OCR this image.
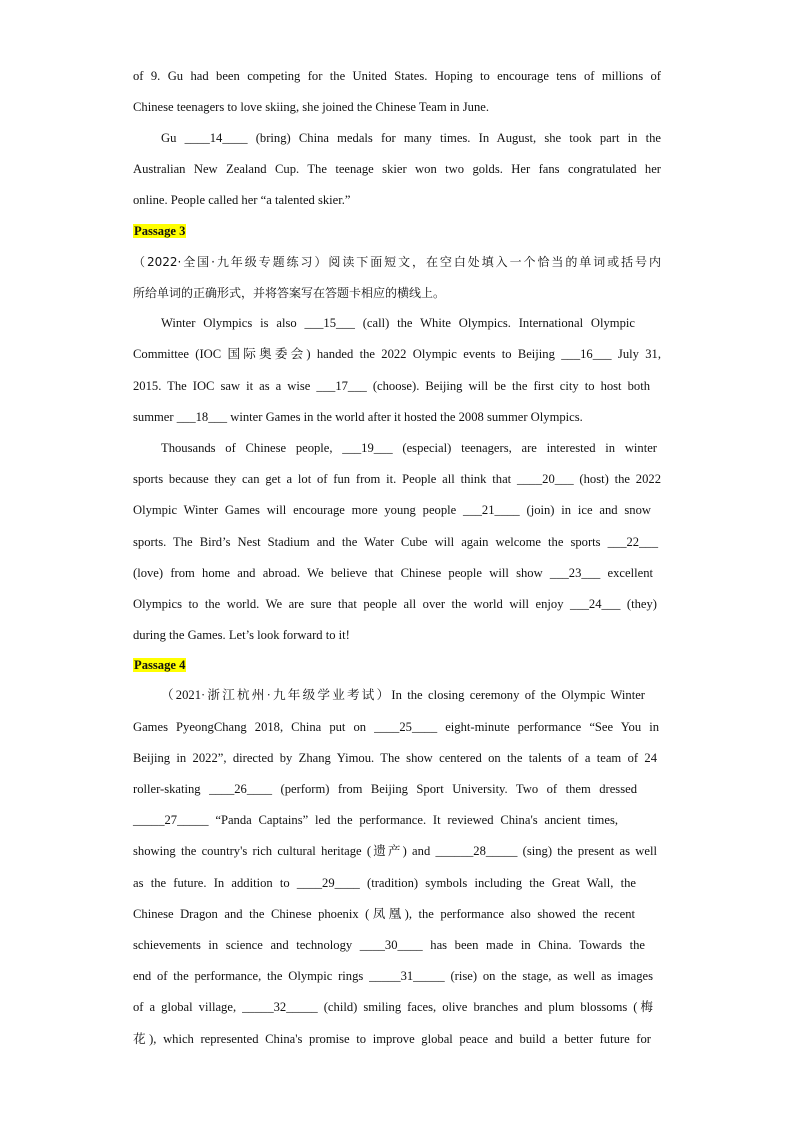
of 9. Gu had been competing for the United States. Hoping to encourage tens of millions of
Chinese teenagers to love skiing, she joined the Chinese Team in June.
Gu ____14____ (bring) China medals for many times. In August, she took part in the
Australian New Zealand Cup. The teenage skier won two golds. Her fans congratulated her
online. People called her “a talented skier.”
Passage 3
（2022·全国·九年级专题练习）阅读下面短文，在空白处填入一个恰当的单词或括号内
所给单词的正确形式，并将答案写在答题卡相应的横线上。
Winter Olympics is also ___15___ (call) the White Olympics. International Olympic
Committee (IOC 国际奥委会) handed the 2022 Olympic events to Beijing ___16___ July 31,
2015. The IOC saw it as a wise ___17___ (choose). Beijing will be the first city to host both
summer ___18___ winter Games in the world after it hosted the 2008 summer Olympics.
Thousands of Chinese people, ___19___ (especial) teenagers, are interested in winter
sports because they can get a lot of fun from it. People all think that ____20___ (host) the 2022
Olympic Winter Games will encourage more young people ___21____ (join) in ice and snow
sports. The Bird’s Nest Stadium and the Water Cube will again welcome the sports ___22___
(love) from home and abroad. We believe that Chinese people will show ___23___ excellent
Olympics to the world. We are sure that people all over the world will enjoy ___24___ (they)
during the Games. Let’s look forward to it!
Passage 4
（2021·浙江杭州·九年级学业考试）In the closing ceremony of the Olympic Winter
Games PyeongChang 2018, China put on ____25____ eight-minute performance “See You in
Beijing in 2022”, directed by Zhang Yimou. The show centered on the talents of a team of 24
roller-skating ____26____ (perform) from Beijing Sport University. Two of them dressed
_____27_____ “Panda Captains” led the performance. It reviewed China's ancient times,
showing the country's rich cultural heritage (遗产) and ______28_____ (sing) the present as well
as the future. In addition to ____29____ (tradition) symbols including the Great Wall, the
Chinese Dragon and the Chinese phoenix (凤凰), the performance also showed the recent
schievements in science and technology ____30____ has been made in China. Towards the
end of the performance, the Olympic rings _____31_____ (rise) on the stage, as well as images
of a global village, _____32_____ (child) smiling faces, olive branches and plum blossoms (梅
花), which represented China's promise to improve global peace and build a better future for
